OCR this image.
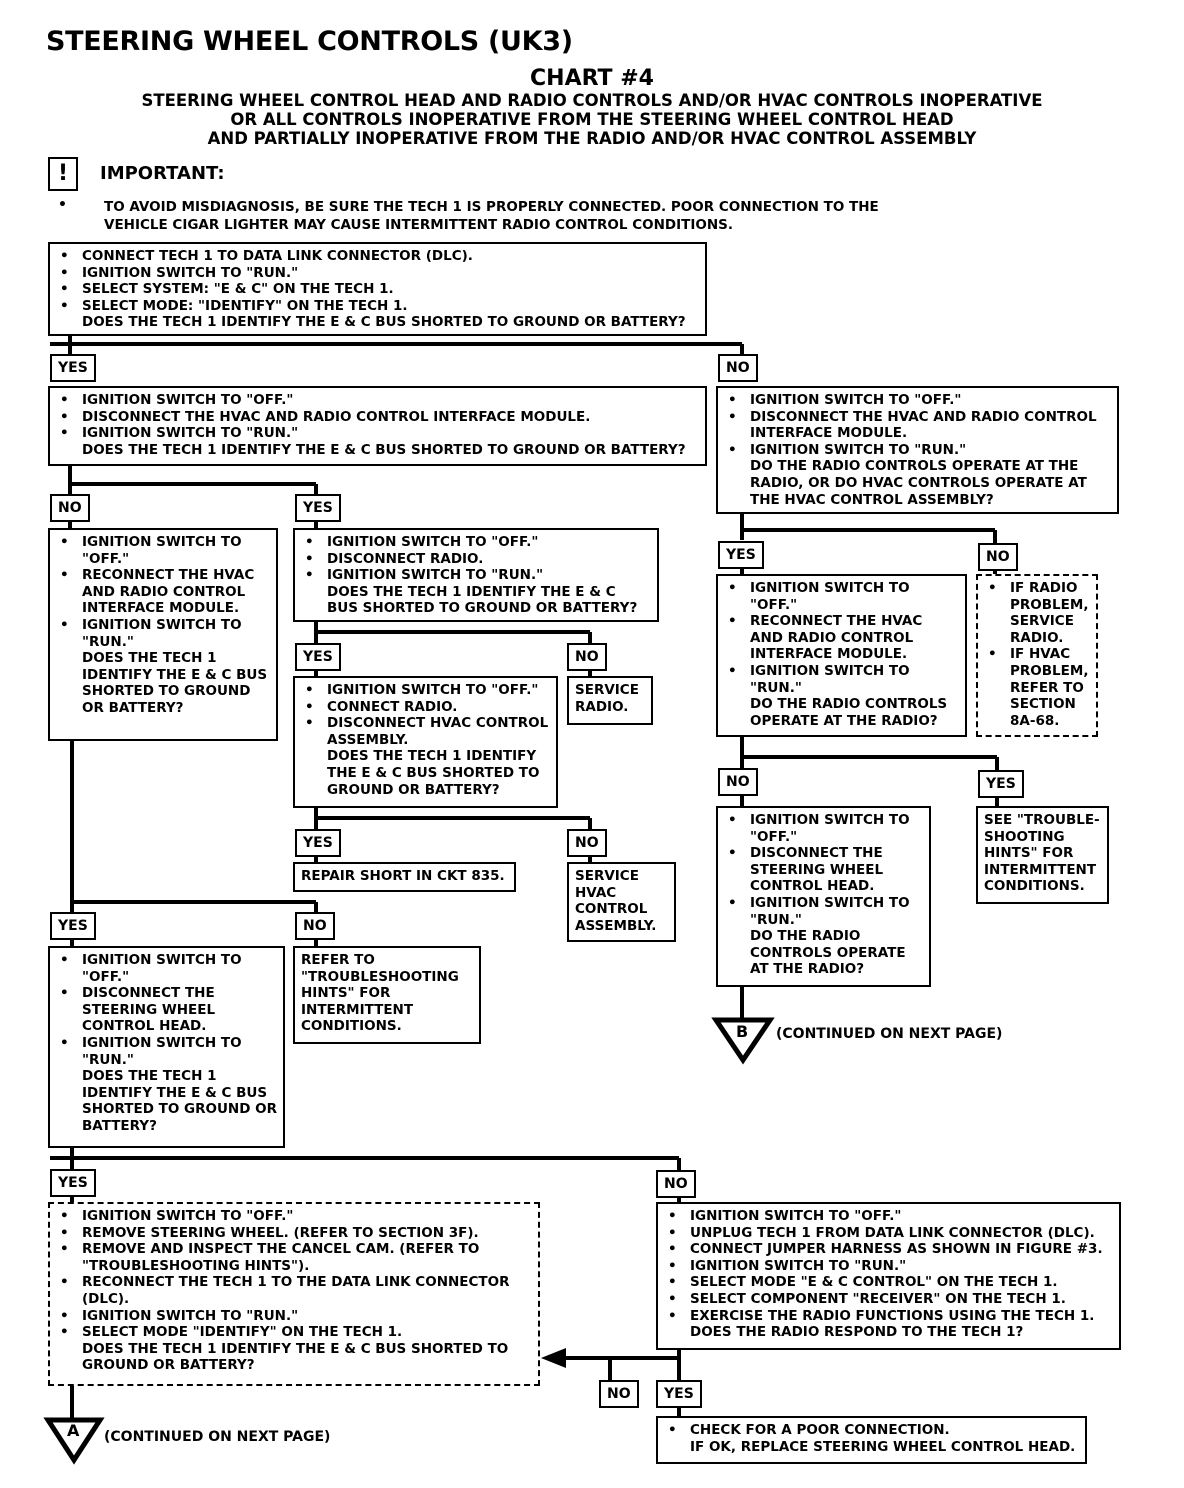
STEERING WHEEL CONTROLS (UK3)
CHART #4
STEERING WHEEL CONTROL HEAD AND RADIO CONTROLS AND/OR HVAC CONTROLS INOPERATIVE
OR ALL CONTROLS INOPERATIVE FROM THE STEERING WHEEL CONTROL HEAD
AND PARTIALLY INOPERATIVE FROM THE RADIO AND/OR HVAC CONTROL ASSEMBLY
!	IMPORTANT:
•	TO AVOID MISDIAGNOSIS, BE SURE THE TECH 1 IS PROPERLY CONNECTED. POOR CONNECTION TO THE
VEHICLE CIGAR LIGHTER MAY CAUSE INTERMITTENT RADIO CONTROL CONDITIONS.
• CONNECT TECH 1 TO DATA LINK CONNECTOR (DLC).
• IGNITION SWITCH TO "RUN."
• SELECT SYSTEM: "E & C" ON THE TECH 1.
• SELECT MODE: "IDENTIFY" ON THE TECH 1.
DOES THE TECH 1 IDENTIFY THE E & C BUS SHORTED TO GROUND OR BATTERY?
YES	NO
• IGNITION SWITCH TO "OFF."
• DISCONNECT THE HVAC AND RADIO CONTROL INTERFACE MODULE.
• IGNITION SWITCH TO "RUN."
DOES THE TECH 1 IDENTIFY THE E & C BUS SHORTED TO GROUND OR BATTERY?
• IGNITION SWITCH TO "OFF."
• DISCONNECT THE HVAC AND RADIO CONTROL INTERFACE MODULE.
• IGNITION SWITCH TO "RUN."
DO THE RADIO CONTROLS OPERATE AT THE RADIO, OR DO HVAC CONTROLS OPERATE AT THE HVAC CONTROL ASSEMBLY?
NO	YES
• IGNITION SWITCH TO "OFF."
• RECONNECT THE HVAC AND RADIO CONTROL INTERFACE MODULE.
• IGNITION SWITCH TO "RUN."
DOES THE TECH 1 IDENTIFY THE E & C BUS SHORTED TO GROUND OR BATTERY?
• IGNITION SWITCH TO "OFF."
• DISCONNECT RADIO.
• IGNITION SWITCH TO "RUN."
DOES THE TECH 1 IDENTIFY THE E & C BUS SHORTED TO GROUND OR BATTERY?
YES	NO
• IGNITION SWITCH TO "OFF."
• CONNECT RADIO.
• DISCONNECT HVAC CONTROL ASSEMBLY.
DOES THE TECH 1 IDENTIFY THE E & C BUS SHORTED TO GROUND OR BATTERY?
SERVICE RADIO.
YES	NO
REPAIR SHORT IN CKT 835.	SERVICE HVAC CONTROL ASSEMBLY.
YES	NO
• IGNITION SWITCH TO "OFF."
• RECONNECT THE HVAC AND RADIO CONTROL INTERFACE MODULE.
• IGNITION SWITCH TO "RUN."
DO THE RADIO CONTROLS OPERATE AT THE RADIO?
• IF RADIO PROBLEM, SERVICE RADIO.
• IF HVAC PROBLEM, REFER TO SECTION 8A-68.
NO	YES
• IGNITION SWITCH TO "OFF."
• DISCONNECT THE STEERING WHEEL CONTROL HEAD.
• IGNITION SWITCH TO "RUN."
DO THE RADIO CONTROLS OPERATE AT THE RADIO?
SEE "TROUBLE-SHOOTING HINTS" FOR INTERMITTENT CONDITIONS.
YES	NO
• IGNITION SWITCH TO "OFF."
• DISCONNECT THE STEERING WHEEL CONTROL HEAD.
• IGNITION SWITCH TO "RUN."
DOES THE TECH 1 IDENTIFY THE E & C BUS SHORTED TO GROUND OR BATTERY?
REFER TO "TROUBLESHOOTING HINTS" FOR INTERMITTENT CONDITIONS.	B (CONTINUED ON NEXT PAGE)
YES	NO
• IGNITION SWITCH TO "OFF."
• REMOVE STEERING WHEEL. (REFER TO SECTION 3F).
• REMOVE AND INSPECT THE CANCEL CAM. (REFER TO "TROUBLESHOOTING HINTS").
• RECONNECT THE TECH 1 TO THE DATA LINK CONNECTOR (DLC).
• IGNITION SWITCH TO "RUN."
• SELECT MODE "IDENTIFY" ON THE TECH 1.
DOES THE TECH 1 IDENTIFY THE E & C BUS SHORTED TO GROUND OR BATTERY?
• IGNITION SWITCH TO "OFF."
• UNPLUG TECH 1 FROM DATA LINK CONNECTOR (DLC).
• CONNECT JUMPER HARNESS AS SHOWN IN FIGURE #3.
• IGNITION SWITCH TO "RUN."
• SELECT MODE "E & C CONTROL" ON THE TECH 1.
• SELECT COMPONENT "RECEIVER" ON THE TECH 1.
• EXERCISE THE RADIO FUNCTIONS USING THE TECH 1.
DOES THE RADIO RESPOND TO THE TECH 1?
NO	YES
• CHECK FOR A POOR CONNECTION.
IF OK, REPLACE STEERING WHEEL CONTROL HEAD.
A (CONTINUED ON NEXT PAGE)
